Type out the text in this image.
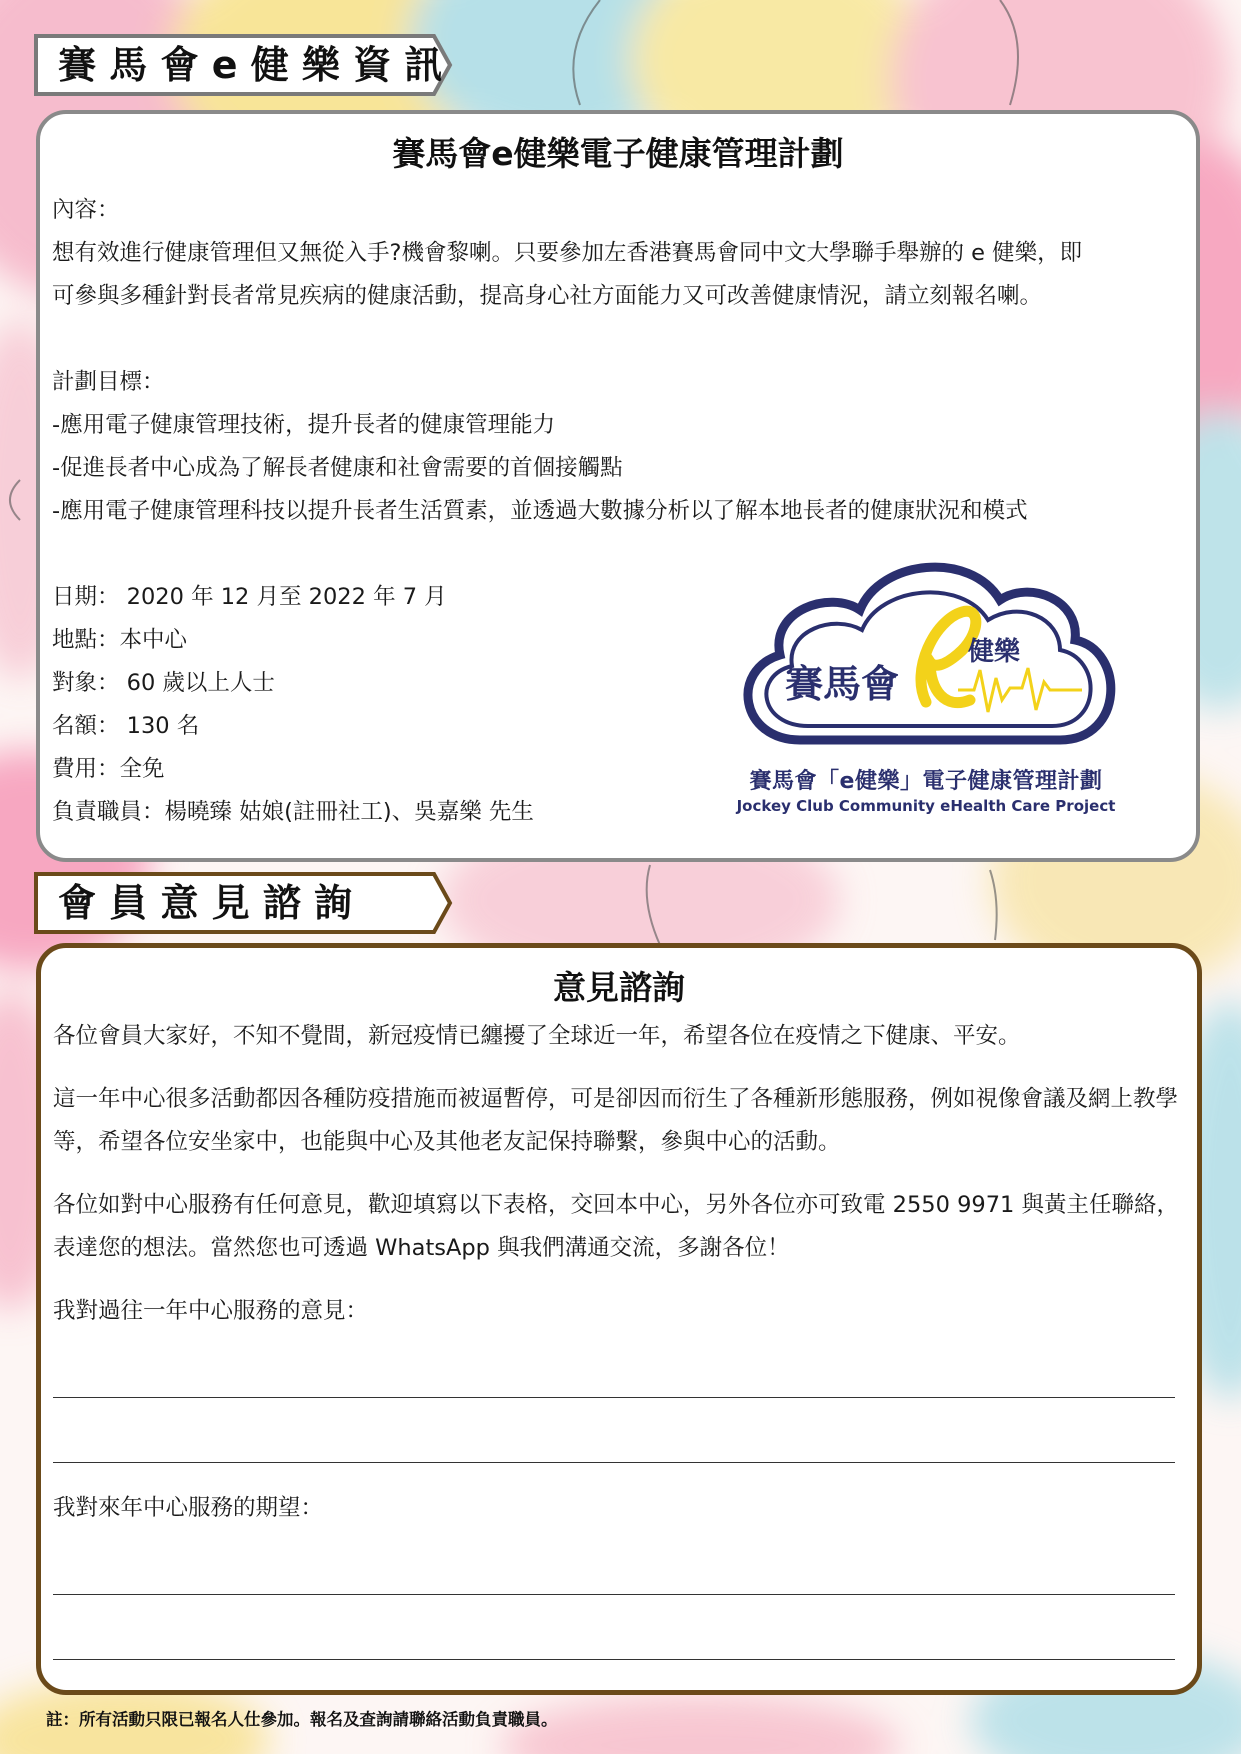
賽 馬 會 e 健 樂 資 訊
賽馬會e健樂電子健康管理計劃
內容：
想有效進行健康管理但又無從入手?機會黎喇。只要參加左香港賽馬會同中文大學聯手舉辦的 e 健樂，即
可參與多種針對長者常見疾病的健康活動，提高身心社方面能力又可改善健康情況，請立刻報名喇。
計劃目標：
-應用電子健康管理技術，提升長者的健康管理能力
-促進長者中心成為了解長者健康和社會需要的首個接觸點
-應用電子健康管理科技以提升長者生活質素，並透過大數據分析以了解本地長者的健康狀況和模式
日期： 2020 年 12 月至 2022 年 7 月
地點：本中心
對象： 60 歲以上人士
名額： 130 名
費用：全免
負責職員：楊曉臻 姑娘(註冊社工)、吳嘉樂 先生
賽馬會
健樂
賽馬會「e健樂」電子健康管理計劃
Jockey Club Community eHealth Care Project
會 員 意 見 諮 詢
意見諮詢
各位會員大家好，不知不覺間，新冠疫情已纏擾了全球近一年，希望各位在疫情之下健康、平安。
這一年中心很多活動都因各種防疫措施而被逼暫停，可是卻因而衍生了各種新形態服務，例如視像會議及網上教學等，希望各位安坐家中，也能與中心及其他老友記保持聯繫，參與中心的活動。
各位如對中心服務有任何意見，歡迎填寫以下表格，交回本中心，另外各位亦可致電 2550 9971 與黃主任聯絡，表達您的想法。當然您也可透過 WhatsApp 與我們溝通交流，多謝各位！
我對過往一年中心服務的意見：
我對來年中心服務的期望：
註：所有活動只限已報名人仕參加。報名及查詢請聯絡活動負責職員。
